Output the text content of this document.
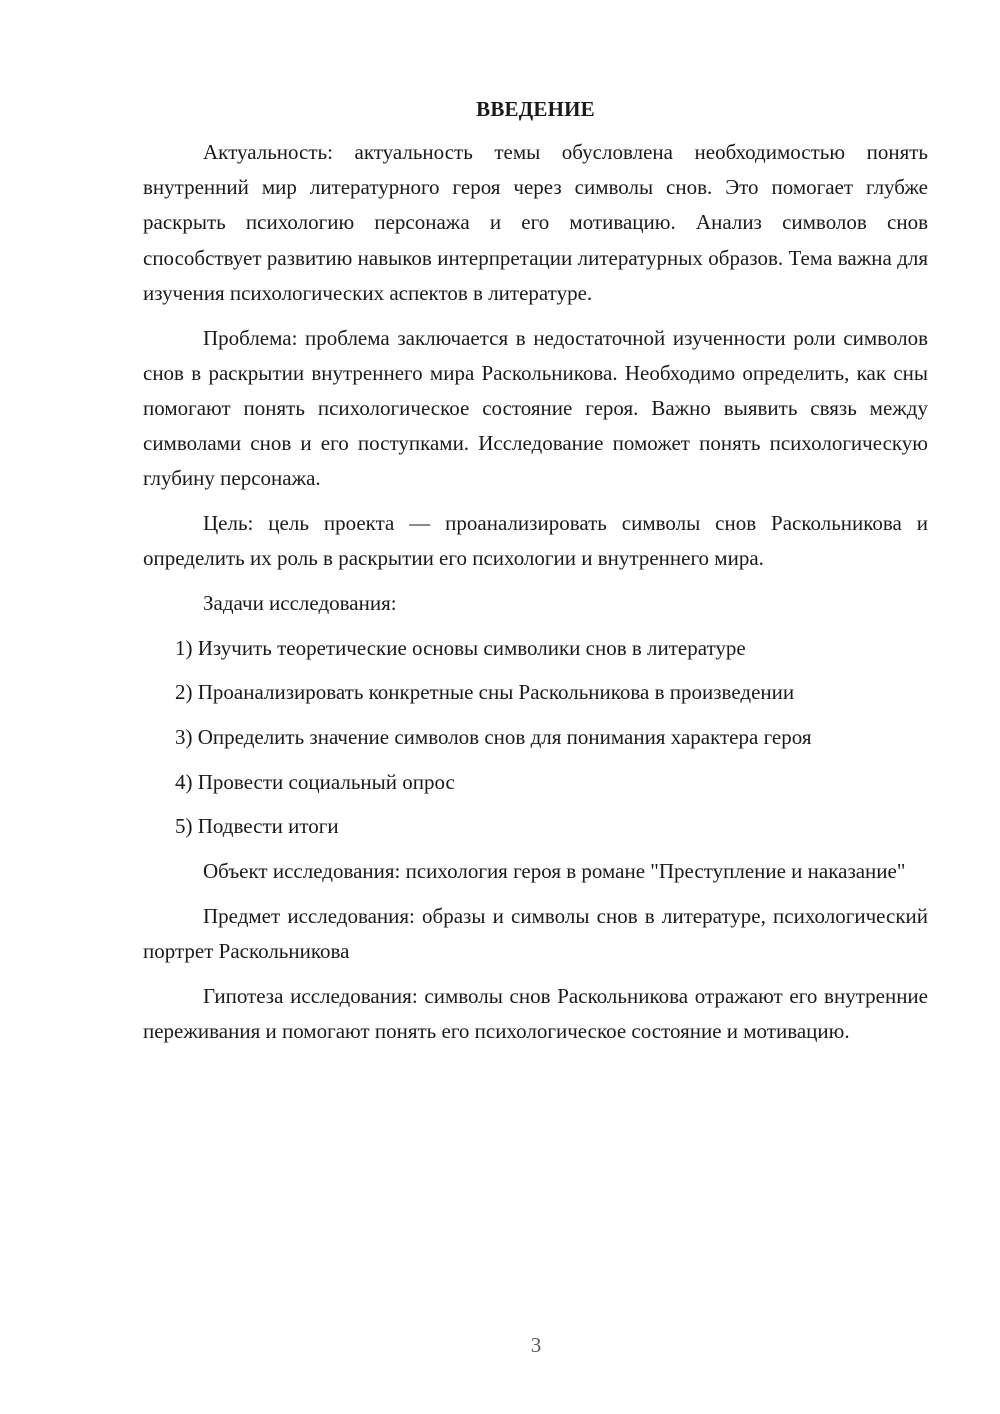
ВВЕДЕНИЕ

Актуальность: актуальность темы обусловлена необходимостью понять внутренний мир литературного героя через символы снов. Это помогает глубже раскрыть психологию персонажа и его мотивацию. Анализ символов снов способствует развитию навыков интерпретации литературных образов. Тема важна для изучения психологических аспектов в литературе.

Проблема: проблема заключается в недостаточной изученности роли символов снов в раскрытии внутреннего мира Раскольникова. Необходимо определить, как сны помогают понять психологическое состояние героя. Важно выявить связь между символами снов и его поступками. Исследование поможет понять психологическую глубину персонажа.

Цель: цель проекта — проанализировать символы снов Раскольникова и определить их роль в раскрытии его психологии и внутреннего мира.

Задачи исследования:

1) Изучить теоретические основы символики снов в литературе

2) Проанализировать конкретные сны Раскольникова в произведении

3) Определить значение символов снов для понимания характера героя

4) Провести социальный опрос

5) Подвести итоги

Объект исследования: психология героя в романе "Преступление и наказание"

Предмет исследования: образы и символы снов в литературе, психологический портрет Раскольникова

Гипотеза исследования: символы снов Раскольникова отражают его внутренние переживания и помогают понять его психологическое состояние и мотивацию.

3
